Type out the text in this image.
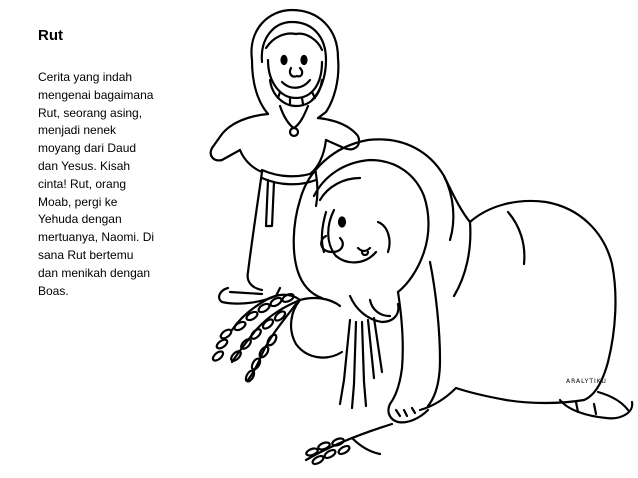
Rut
Cerita yang indah
mengenai bagaimana
Rut, seorang asing,
menjadi nenek
moyang dari Daud
dan Yesus. Kisah
cinta! Rut, orang
Moab, pergi ke
Yehuda dengan
mertuanya, Naomi. Di
sana Rut bertemu
dan menikah dengan
Boas.
ARALYTIKU
